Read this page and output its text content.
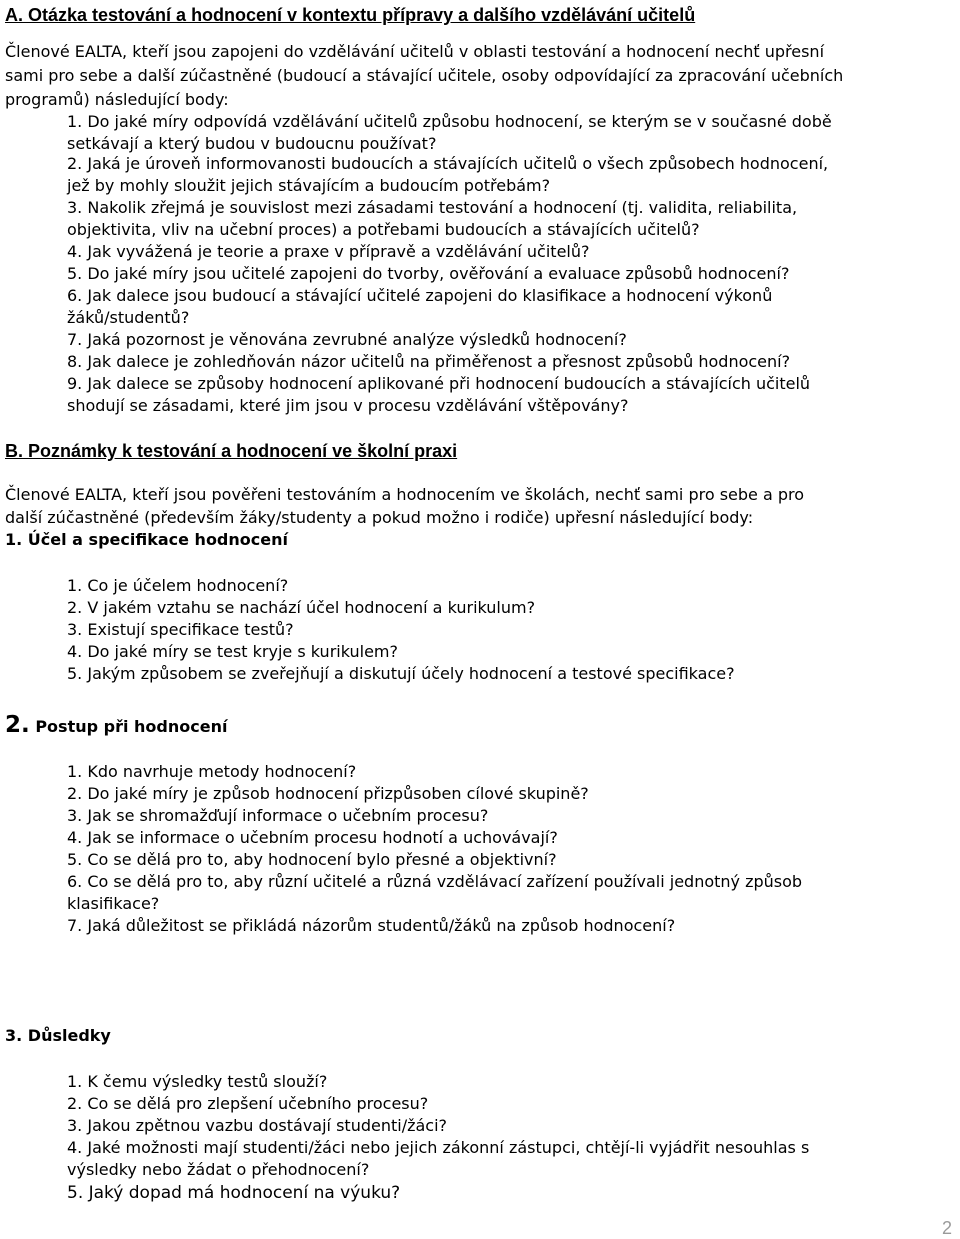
A. Otázka testování a hodnocení v kontextu přípravy a dalšího vzdělávání učitelů
Členové EALTA, kteří jsou zapojeni do vzdělávání učitelů v oblasti testování a hodnocení nechť upřesní
sami pro sebe a další zúčastněné (budoucí a stávající učitele, osoby odpovídající za zpracování učebních
programů) následující body:
1. Do jaké míry odpovídá vzdělávání učitelů způsobu hodnocení, se kterým se v současné době
setkávají a který budou v budoucnu používat?
2. Jaká je úroveň informovanosti budoucích a stávajících učitelů o všech způsobech hodnocení,
jež by mohly sloužit jejich stávajícím a budoucím potřebám?
3. Nakolik zřejmá je souvislost mezi zásadami testování a hodnocení (tj. validita, reliabilita,
objektivita, vliv na učební proces) a potřebami budoucích a stávajících učitelů?
4. Jak vyvážená je teorie a praxe v přípravě a vzdělávání učitelů?
5. Do jaké míry jsou učitelé zapojeni do tvorby, ověřování a evaluace způsobů hodnocení?
6. Jak dalece jsou budoucí a stávající učitelé zapojeni do klasifikace a hodnocení výkonů
žáků/studentů?
7. Jaká pozornost je věnována zevrubné analýze výsledků hodnocení?
8. Jak dalece je zohledňován názor učitelů na přiměřenost a přesnost způsobů hodnocení?
9. Jak dalece se způsoby hodnocení aplikované při hodnocení budoucích a stávajících učitelů
shodují se zásadami, které jim jsou v procesu vzdělávání vštěpovány?
B. Poznámky k testování a hodnocení ve školní praxi
Členové EALTA, kteří jsou pověřeni testováním a hodnocením ve školách, nechť sami pro sebe a pro
další zúčastněné (především žáky/studenty a pokud možno i rodiče) upřesní následující body:
1. Účel a specifikace hodnocení
1. Co je účelem hodnocení?
2. V jakém vztahu se nachází účel hodnocení a kurikulum?
3. Existují specifikace testů?
4. Do jaké míry se test kryje s kurikulem?
5. Jakým způsobem se zveřejňují a diskutují účely hodnocení a testové specifikace?
2. Postup při hodnocení
1. Kdo navrhuje metody hodnocení?
2. Do jaké míry je způsob hodnocení přizpůsoben cílové skupině?
3. Jak se shromažďují informace o učebním procesu?
4. Jak se informace o učebním procesu hodnotí a uchovávají?
5. Co se dělá pro to, aby hodnocení bylo přesné a objektivní?
6. Co se dělá pro to, aby různí učitelé a různá vzdělávací zařízení používali jednotný způsob
klasifikace?
7. Jaká důležitost se přikládá názorům studentů/žáků na způsob hodnocení?
3. Důsledky
1. K čemu výsledky testů slouží?
2. Co se dělá pro zlepšení učebního procesu?
3. Jakou zpětnou vazbu dostávají studenti/žáci?
4. Jaké možnosti mají studenti/žáci nebo jejich zákonní zástupci, chtějí-li vyjádřit nesouhlas s
výsledky nebo žádat o přehodnocení?
5. Jaký dopad má hodnocení na výuku?
2
